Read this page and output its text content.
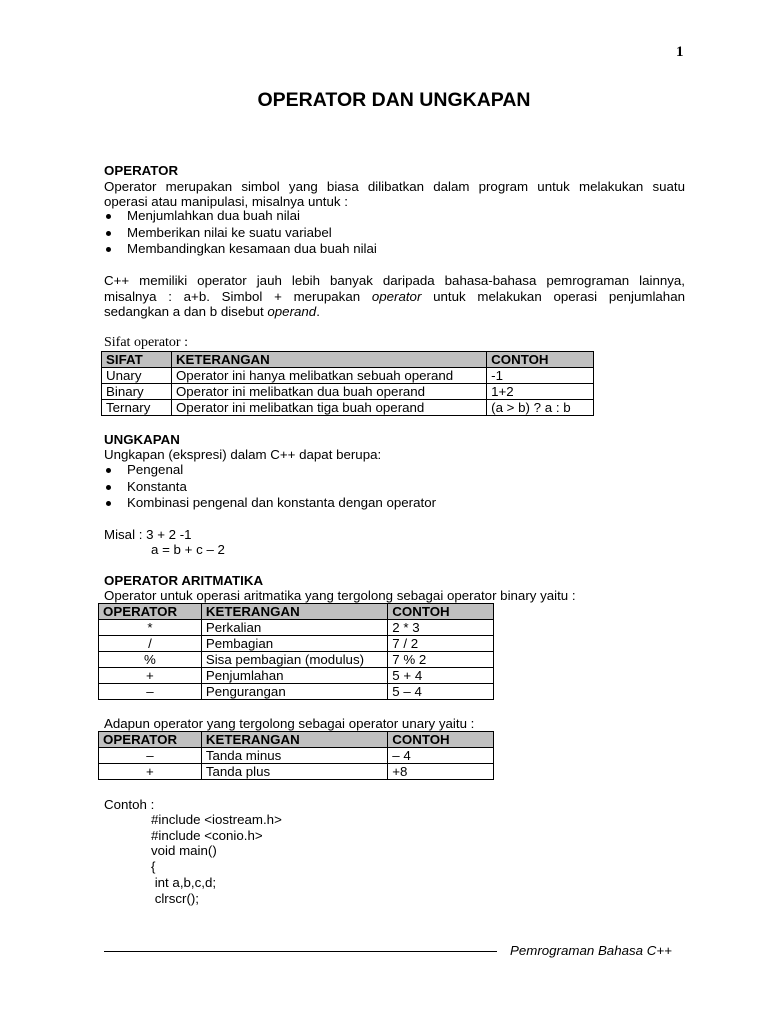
1
OPERATOR DAN UNGKAPAN
OPERATOR
Operator merupakan simbol yang biasa dilibatkan dalam program untuk melakukan suatu
operasi atau manipulasi, misalnya untuk :
Menjumlahkan dua buah nilai
Memberikan nilai ke suatu variabel
Membandingkan kesamaan dua buah nilai
C++ memiliki operator jauh lebih banyak daripada bahasa-bahasa pemrograman lainnya,
misalnya : a+b. Simbol + merupakan operator untuk melakukan operasi penjumlahan
sedangkan a dan b disebut operand.
Sifat operator :
SIFAT	KETERANGAN	CONTOH
Unary	Operator ini hanya melibatkan sebuah operand	-1
Binary	Operator ini melibatkan dua buah operand	1+2
Ternary	Operator ini melibatkan tiga buah operand	(a > b) ? a : b
UNGKAPAN
Ungkapan (ekspresi) dalam C++ dapat berupa:
Pengenal
Konstanta
Kombinasi pengenal dan konstanta dengan operator
Misal : 3 + 2 -1
a = b + c – 2
OPERATOR ARITMATIKA
Operator untuk operasi aritmatika yang tergolong sebagai operator binary yaitu :
OPERATOR	KETERANGAN	CONTOH
*	Perkalian	2 * 3
/	Pembagian	7 / 2
%	Sisa pembagian (modulus)	7 % 2
+	Penjumlahan	5 + 4
–	Pengurangan	5 – 4
Adapun operator yang tergolong sebagai operator unary yaitu :
OPERATOR	KETERANGAN	CONTOH
–	Tanda minus	– 4
+	Tanda plus	+8
Contoh :
#include <iostream.h>
#include <conio.h>
void main()
{
int a,b,c,d;
clrscr();
Pemrograman Bahasa C++
